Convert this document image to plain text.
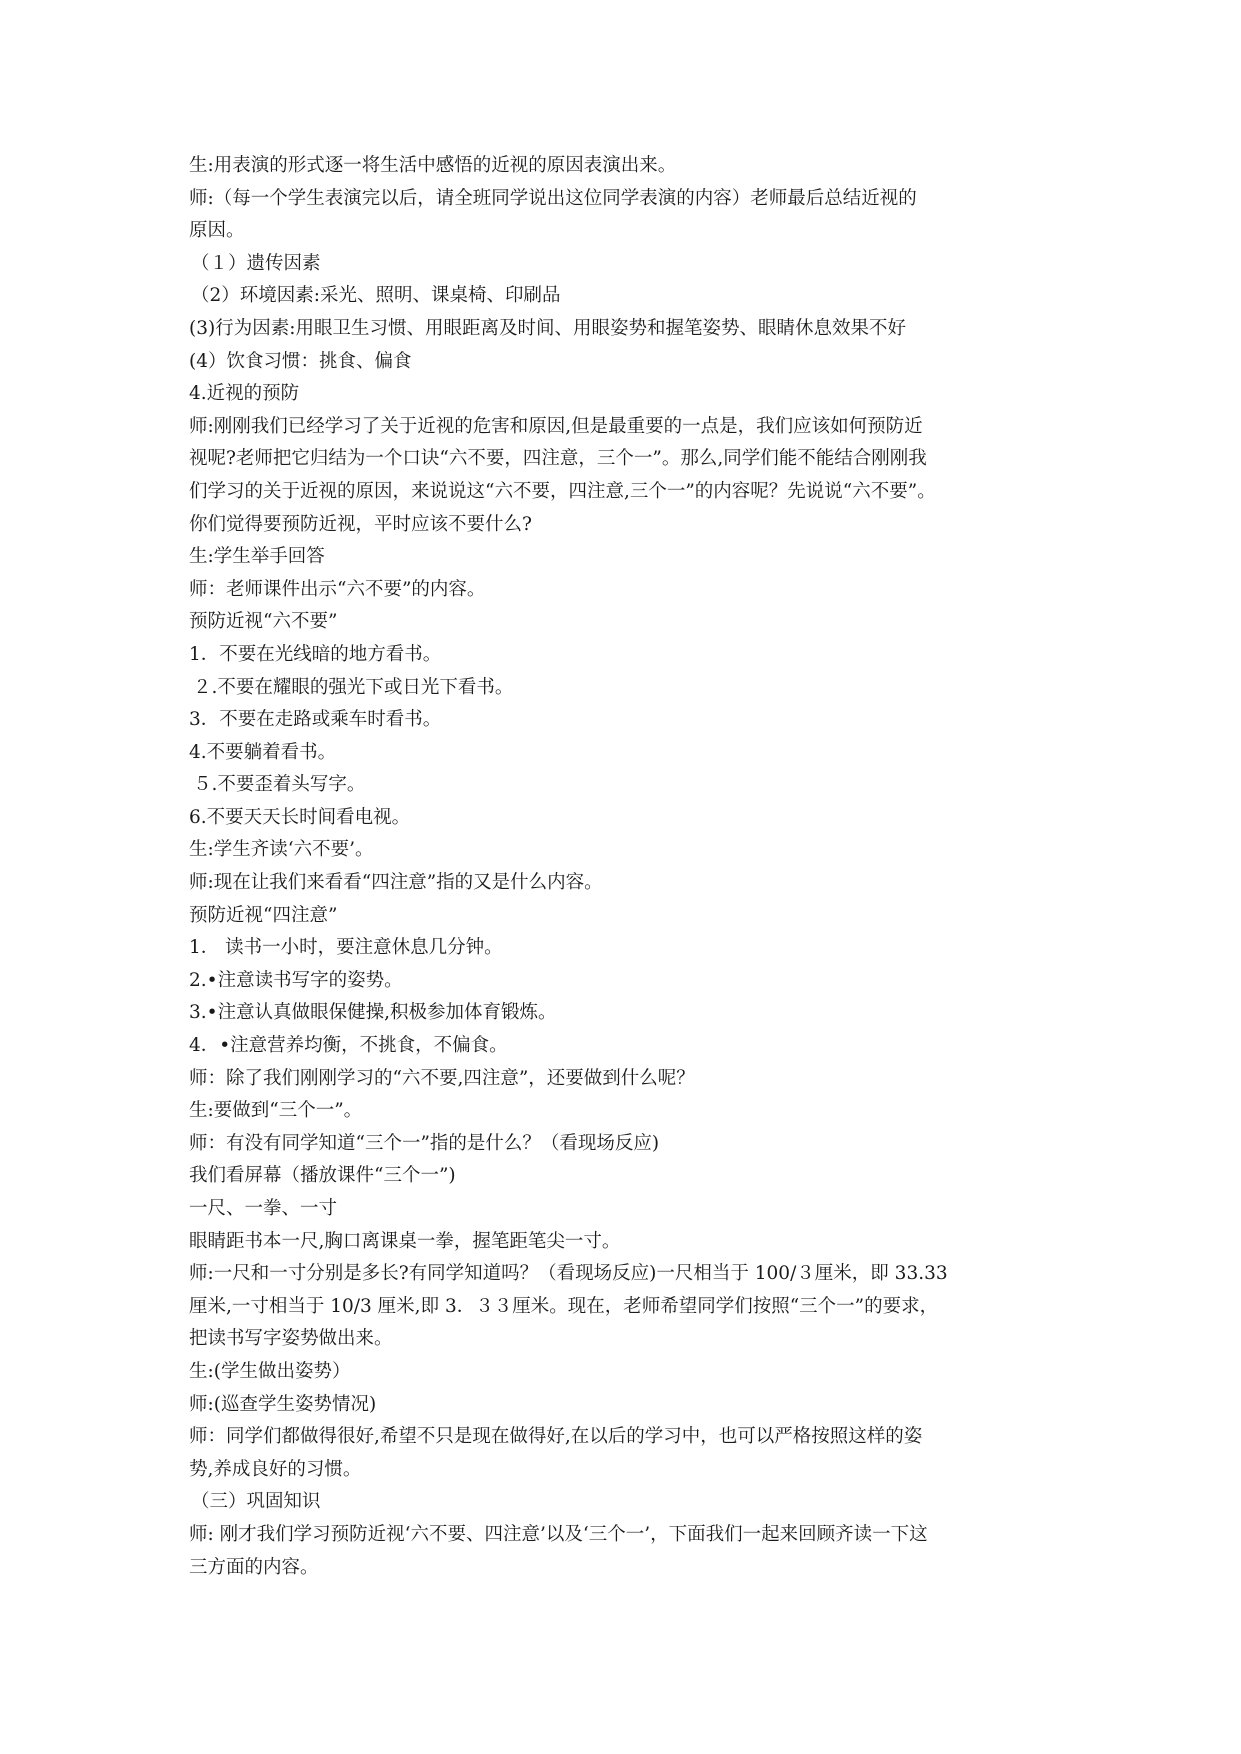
生:用表演的形式逐一将生活中感悟的近视的原因表演出来。
师:（每一个学生表演完以后，请全班同学说出这位同学表演的内容）老师最后总结近视的
原因。
（１）遗传因素
（2）环境因素:采光、照明、课桌椅、印刷品
(3)行为因素:用眼卫生习惯、用眼距离及时间、用眼姿势和握笔姿势、眼睛休息效果不好
(4）饮食习惯：挑食、偏食
4.近视的预防
师:刚刚我们已经学习了关于近视的危害和原因,但是最重要的一点是，我们应该如何预防近
视呢?老师把它归结为一个口诀“六不要，四注意，三个一”。那么,同学们能不能结合刚刚我
们学习的关于近视的原因，来说说这“六不要，四注意,三个一”的内容呢？先说说“六不要”。
你们觉得要预防近视，平时应该不要什么?
生:学生举手回答
师：老师课件出示“六不要”的内容。
预防近视“六不要”
1．不要在光线暗的地方看书。
２.不要在耀眼的强光下或日光下看书。
3．不要在走路或乘车时看书。
4.不要躺着看书。
５.不要歪着头写字。
6.不要天天长时间看电视。
生:学生齐读‘六不要’。
师:现在让我们来看看“四注意”指的又是什么内容。
预防近视“四注意”
1． 读书一小时，要注意休息几分钟。
2.•注意读书写字的姿势。
3.•注意认真做眼保健操,积极参加体育锻炼。
4．•注意营养均衡，不挑食，不偏食。
师：除了我们刚刚学习的“六不要,四注意”，还要做到什么呢？
生:要做到“三个一”。
师：有没有同学知道“三个一”指的是什么？（看现场反应)
我们看屏幕（播放课件“三个一”)
一尺、一拳、一寸
眼睛距书本一尺,胸口离课桌一拳，握笔距笔尖一寸。
师:一尺和一寸分别是多长?有同学知道吗？（看现场反应)一尺相当于 100/３厘米，即 33.33
厘米,一寸相当于 10/3 厘米,即 3．３３厘米。现在，老师希望同学们按照“三个一”的要求，
把读书写字姿势做出来。
生:(学生做出姿势）
师:(巡查学生姿势情况)
师：同学们都做得很好,希望不只是现在做得好,在以后的学习中，也可以严格按照这样的姿
势,养成良好的习惯。
（三）巩固知识
师: 刚才我们学习预防近视‘六不要、四注意’以及‘三个一’，下面我们一起来回顾齐读一下这
三方面的内容。
